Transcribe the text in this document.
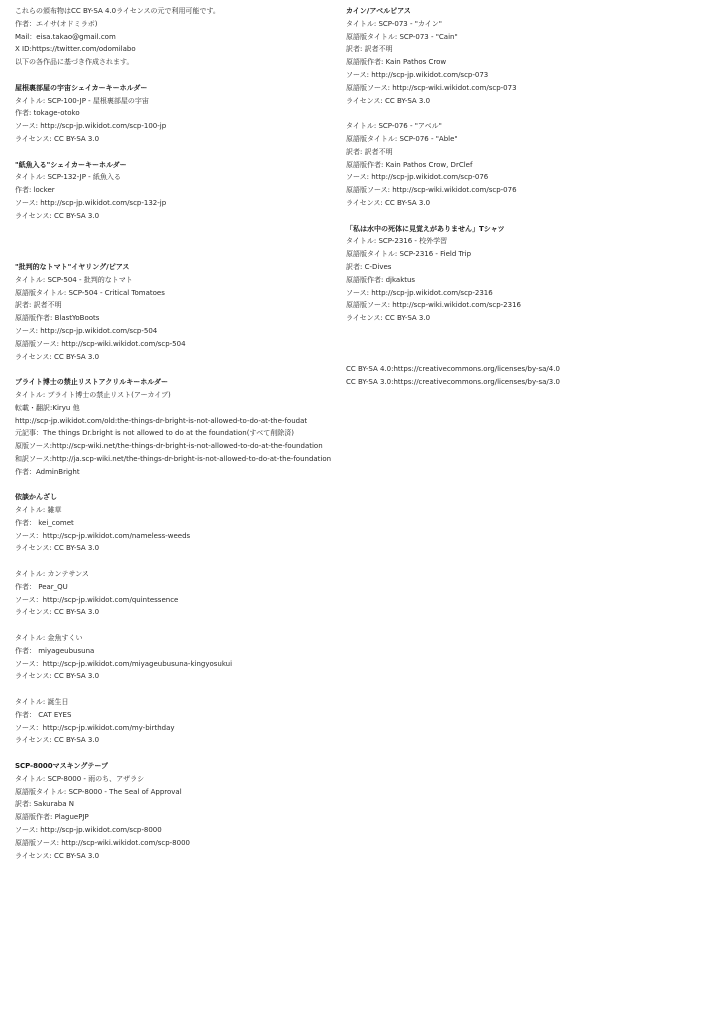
これらの頒布物はCC BY-SA 4.0ライセンスの元で利用可能です。
作者：エイサ(オドミラボ)
Mail：eisa.takao@gmail.com
X ID:https://twitter.com/odomilabo
以下の各作品に基づき作成されます。
屋根裏部屋の宇宙シェイカーキーホルダー
タイトル: SCP-100-JP - 屋根裏部屋の宇宙
作者: tokage-otoko
ソース: http://scp-jp.wikidot.com/scp-100-jp
ライセンス: CC BY-SA 3.0
"紙魚入る"シェイカーキーホルダー
タイトル: SCP-132-JP - 紙魚入る
作者: locker
ソース: http://scp-jp.wikidot.com/scp-132-jp
ライセンス: CC BY-SA 3.0
"批判的なトマト"イヤリング/ピアス
タイトル: SCP-504 - 批判的なトマト
原語版タイトル: SCP-504 - Critical Tomatoes
訳者: 訳者不明
原語版作者: BlastYoBoots
ソース: http://scp-jp.wikidot.com/scp-504
原語版ソース: http://scp-wiki.wikidot.com/scp-504
ライセンス: CC BY-SA 3.0
ブライト博士の禁止リストアクリルキーホルダー
タイトル: ブライト博士の禁止リスト(アーカイブ)
転載・翻訳:Kiryu 他
http://scp-jp.wikidot.com/old:the-things-dr-bright-is-not-allowed-to-do-at-the-foudat
元記事：The things Dr.bright is not allowed to do at the foundation(すべて削除済)
原版ソース:http://scp-wiki.net/the-things-dr-bright-is-not-allowed-to-do-at-the-foundation
和訳ソース:http://ja.scp-wiki.net/the-things-dr-bright-is-not-allowed-to-do-at-the-foundation
作者：AdminBright
依談かんざし
タイトル: 雑草
作者： kei_comet
ソース：http://scp-jp.wikidot.com/nameless-weeds
ライセンス: CC BY-SA 3.0
タイトル: カンテサンス
作者： Pear_QU
ソース：http://scp-jp.wikidot.com/quintessence
ライセンス: CC BY-SA 3.0
タイトル: 金魚すくい
作者： miyageubusuna
ソース：http://scp-jp.wikidot.com/miyageubusuna-kingyosukui
ライセンス: CC BY-SA 3.0
タイトル: 誕生日
作者： CAT EYES
ソース：http://scp-jp.wikidot.com/my-birthday
ライセンス: CC BY-SA 3.0
SCP-8000マスキングテープ
タイトル: SCP-8000 - 雨のち、アザラシ
原語版タイトル: SCP-8000 - The Seal of Approval
訳者: Sakuraba N
原語版作者: PlaguePJP
ソース: http://scp-jp.wikidot.com/scp-8000
原語版ソース: http://scp-wiki.wikidot.com/scp-8000
ライセンス: CC BY-SA 3.0
カイン/アベルピアス
タイトル: SCP-073 - "カイン"
原語版タイトル: SCP-073 - "Cain"
訳者: 訳者不明
原語版作者: Kain Pathos Crow
ソース: http://scp-jp.wikidot.com/scp-073
原語版ソース: http://scp-wiki.wikidot.com/scp-073
ライセンス: CC BY-SA 3.0
タイトル: SCP-076 - "アベル"
原語版タイトル: SCP-076 - "Able"
訳者: 訳者不明
原語版作者: Kain Pathos Crow, DrClef
ソース: http://scp-jp.wikidot.com/scp-076
原語版ソース: http://scp-wiki.wikidot.com/scp-076
ライセンス: CC BY-SA 3.0
「私は水中の死体に見覚えがありません」Tシャツ
タイトル: SCP-2316 - 校外学習
原語版タイトル: SCP-2316 - Field Trip
訳者: C-Dives
原語版作者: djkaktus
ソース: http://scp-jp.wikidot.com/scp-2316
原語版ソース: http://scp-wiki.wikidot.com/scp-2316
ライセンス: CC BY-SA 3.0
CC BY-SA 4.0:https://creativecommons.org/licenses/by-sa/4.0
CC BY-SA 3.0:https://creativecommons.org/licenses/by-sa/3.0
